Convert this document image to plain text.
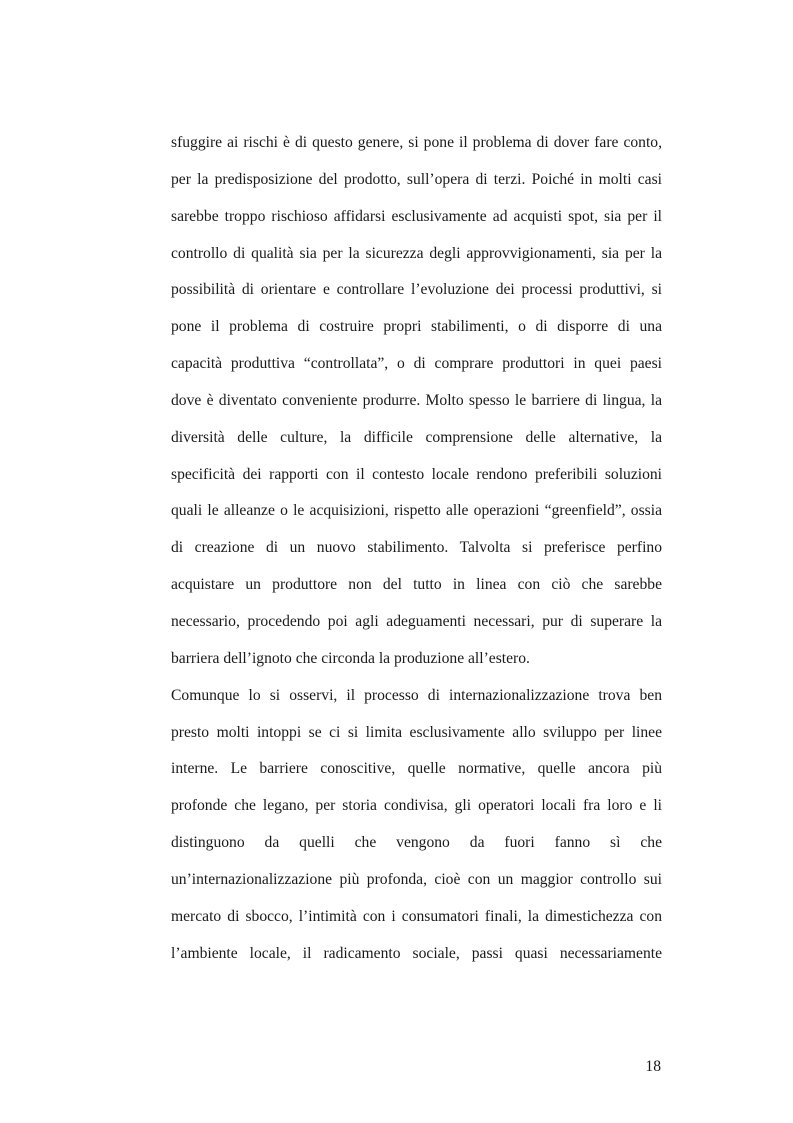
sfuggire ai rischi è di questo genere, si pone il problema di dover fare conto,
per la predisposizione del prodotto, sull’opera di terzi. Poiché in molti casi
sarebbe troppo rischioso affidarsi esclusivamente ad acquisti spot, sia per il
controllo di qualità sia per la sicurezza degli approvvigionamenti, sia per la
possibilità di orientare e controllare l’evoluzione dei processi produttivi, si
pone il problema di costruire propri stabilimenti, o di disporre di una
capacità produttiva “controllata”, o di comprare produttori in quei paesi
dove è diventato conveniente produrre. Molto spesso le barriere di lingua, la
diversità delle culture, la difficile comprensione delle alternative, la
specificità dei rapporti con il contesto locale rendono preferibili soluzioni
quali le alleanze o le acquisizioni, rispetto alle operazioni “greenfield”, ossia
di creazione di un nuovo stabilimento. Talvolta si preferisce perfino
acquistare un produttore non del tutto in linea con ciò che sarebbe
necessario, procedendo poi agli adeguamenti necessari, pur di superare la
barriera dell’ignoto che circonda la produzione all’estero.
Comunque lo si osservi, il processo di internazionalizzazione trova ben
presto molti intoppi se ci si limita esclusivamente allo sviluppo per linee
interne. Le barriere conoscitive, quelle normative, quelle ancora più
profonde che legano, per storia condivisa, gli operatori locali fra loro e li
distinguono da quelli che vengono da fuori fanno sì che
un’internazionalizzazione più profonda, cioè con un maggior controllo sui
mercato di sbocco, l’intimità con i consumatori finali, la dimestichezza con
l’ambiente locale, il radicamento sociale, passi quasi necessariamente
18
